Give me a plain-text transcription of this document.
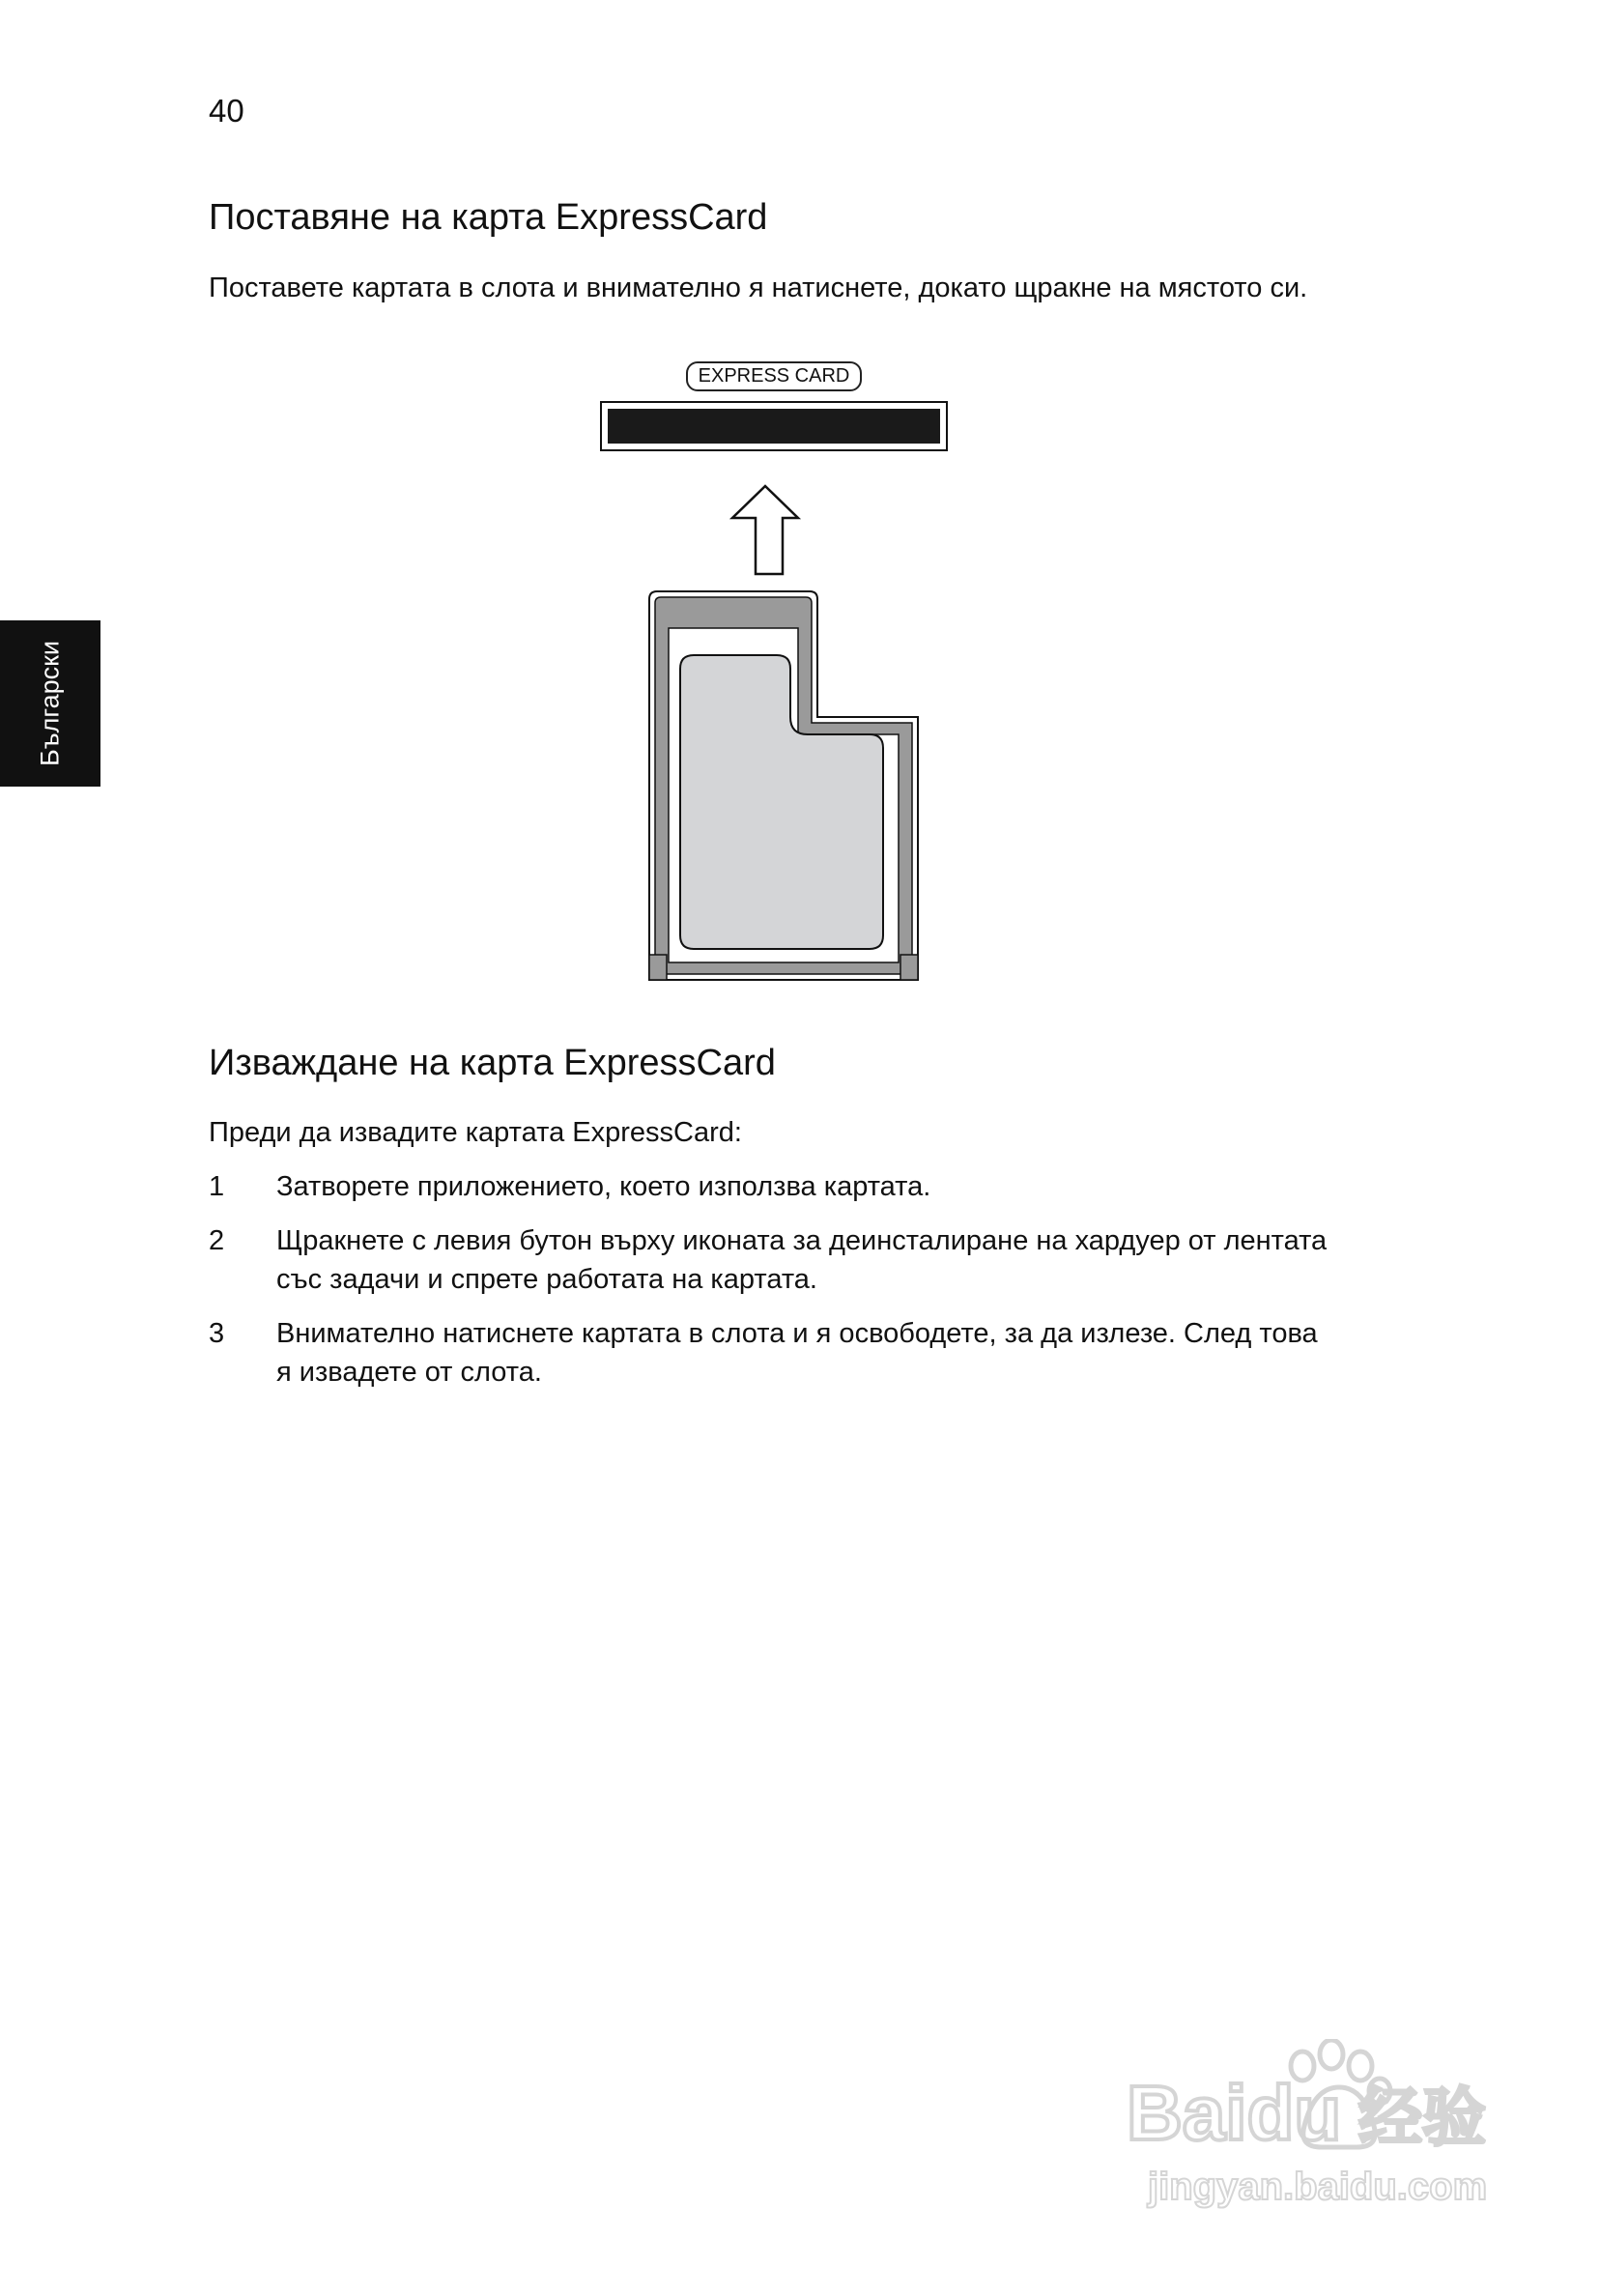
40
Български
Поставяне на карта ExpressCard

Поставете картата в слота и внимателно я натиснете, докато щракне на мястото си.

EXPRESS CARD
Изваждане на карта ExpressCard

Преди да извадите картата ExpressCard:

1 Затворете приложението, което използва картата.
2 Щракнете с левия бутон върху иконата за деинсталиране на хардуер от лентата със задачи и спрете работата на картата.
3 Внимателно натиснете картата в слота и я освободете, за да излезе. След това я извадете от слота.
Baidu 经验
jingyan.baidu.com
